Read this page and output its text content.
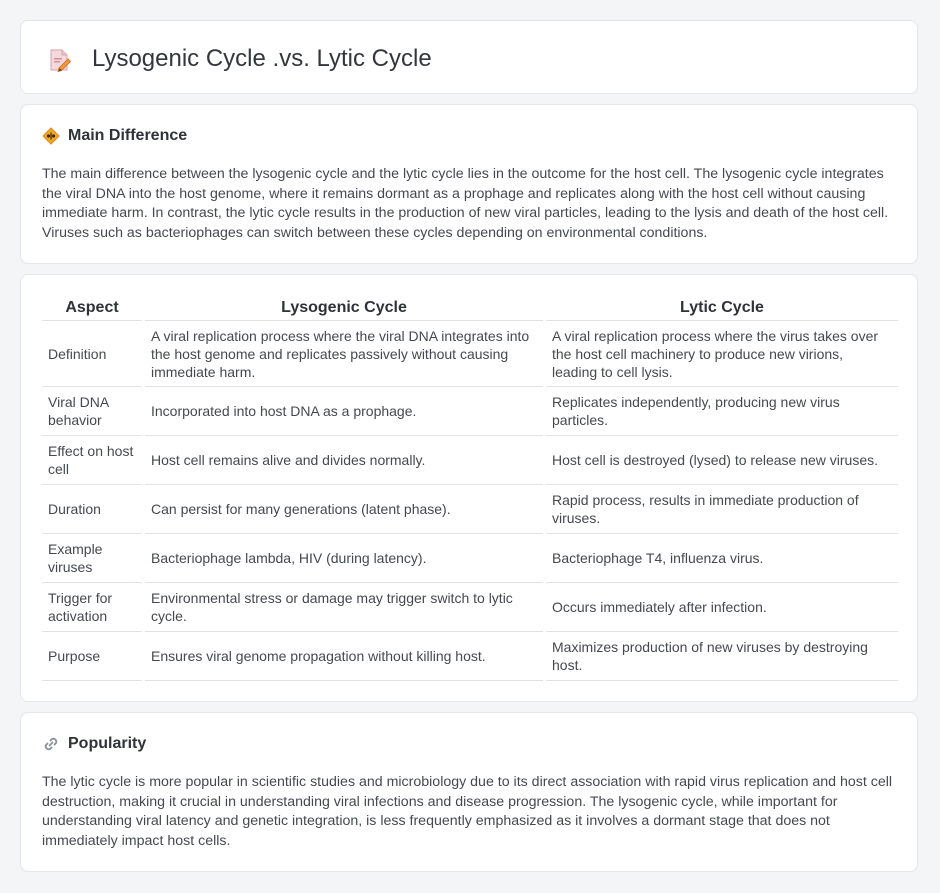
Lysogenic Cycle .vs. Lytic Cycle
Main Difference

The main difference between the lysogenic cycle and the lytic cycle lies in the outcome for the host cell. The lysogenic cycle integrates the viral DNA into the host genome, where it remains dormant as a prophage and replicates along with the host cell without causing immediate harm. In contrast, the lytic cycle results in the production of new viral particles, leading to the lysis and death of the host cell. Viruses such as bacteriophages can switch between these cycles depending on environmental conditions.

Aspect	Lysogenic Cycle	Lytic Cycle
Definition	A viral replication process where the viral DNA integrates into the host genome and replicates passively without causing immediate harm.	A viral replication process where the virus takes over the host cell machinery to produce new virions, leading to cell lysis.
Viral DNA behavior	Incorporated into host DNA as a prophage.	Replicates independently, producing new virus particles.
Effect on host cell	Host cell remains alive and divides normally.	Host cell is destroyed (lysed) to release new viruses.
Duration	Can persist for many generations (latent phase).	Rapid process, results in immediate production of viruses.
Example viruses	Bacteriophage lambda, HIV (during latency).	Bacteriophage T4, influenza virus.
Trigger for activation	Environmental stress or damage may trigger switch to lytic cycle.	Occurs immediately after infection.
Purpose	Ensures viral genome propagation without killing host.	Maximizes production of new viruses by destroying host.
Popularity

The lytic cycle is more popular in scientific studies and microbiology due to its direct association with rapid virus replication and host cell destruction, making it crucial in understanding viral infections and disease progression. The lysogenic cycle, while important for understanding viral latency and genetic integration, is less frequently emphasized as it involves a dormant stage that does not immediately impact host cells.
